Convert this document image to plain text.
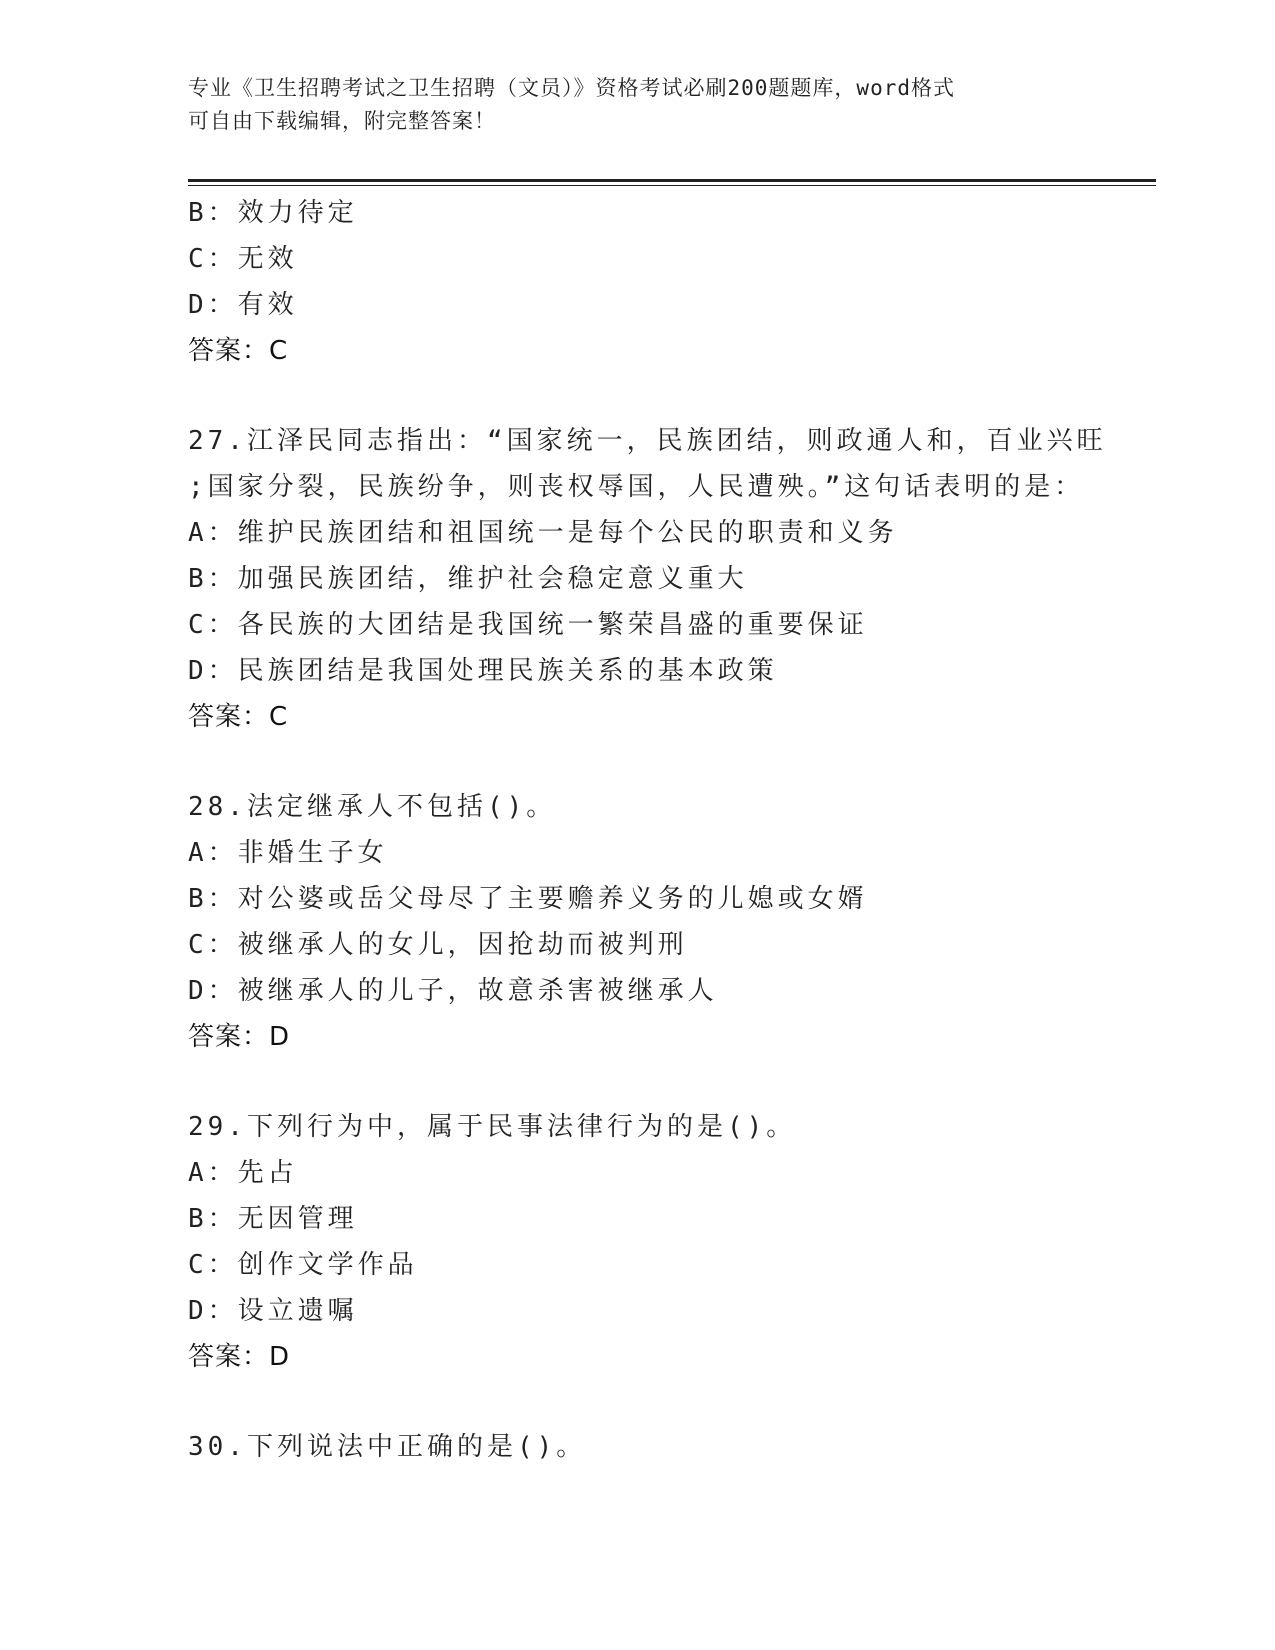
专业《卫生招聘考试之卫生招聘（文员）》资格考试必刷200题题库，word格式
可自由下载编辑，附完整答案！
B：效力待定
C：无效
D：有效
答案：C
27.江泽民同志指出：“国家统一，民族团结，则政通人和，百业兴旺
;国家分裂，民族纷争，则丧权辱国，人民遭殃。”这句话表明的是：
A：维护民族团结和祖国统一是每个公民的职责和义务
B：加强民族团结，维护社会稳定意义重大
C：各民族的大团结是我国统一繁荣昌盛的重要保证
D：民族团结是我国处理民族关系的基本政策
答案：C
28.法定继承人不包括()。
A：非婚生子女
B：对公婆或岳父母尽了主要赡养义务的儿媳或女婿
C：被继承人的女儿，因抢劫而被判刑
D：被继承人的儿子，故意杀害被继承人
答案：D
29.下列行为中，属于民事法律行为的是()。
A：先占
B：无因管理
C：创作文学作品
D：设立遗嘱
答案：D
30.下列说法中正确的是()。
